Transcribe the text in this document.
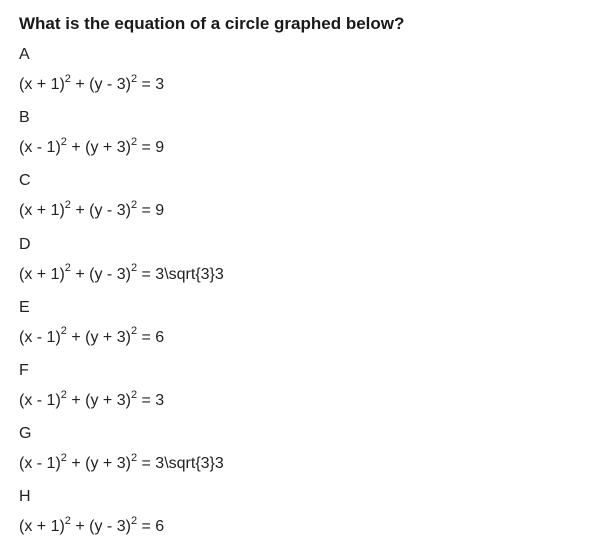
What is the equation of a circle graphed below?
A
$(x + 1)^2 + (y - 3)^2 = 3$
B
$(x - 1)^2 + (y + 3)^2 = 9$
C
$(x + 1)^2 + (y - 3)^2 = 9$
D
$(x + 1)^2 + (y - 3)^2$ = 3\sqrt{3}3
E
$(x - 1)^2 + (y + 3)^2 = 6$
F
$(x - 1)^2 + (y + 3)^2 = 3$
G
$(x - 1)^2 + (y + 3)^2$ = 3\sqrt{3}3
H
$(x + 1)^2 + (y - 3)^2 = 6$
